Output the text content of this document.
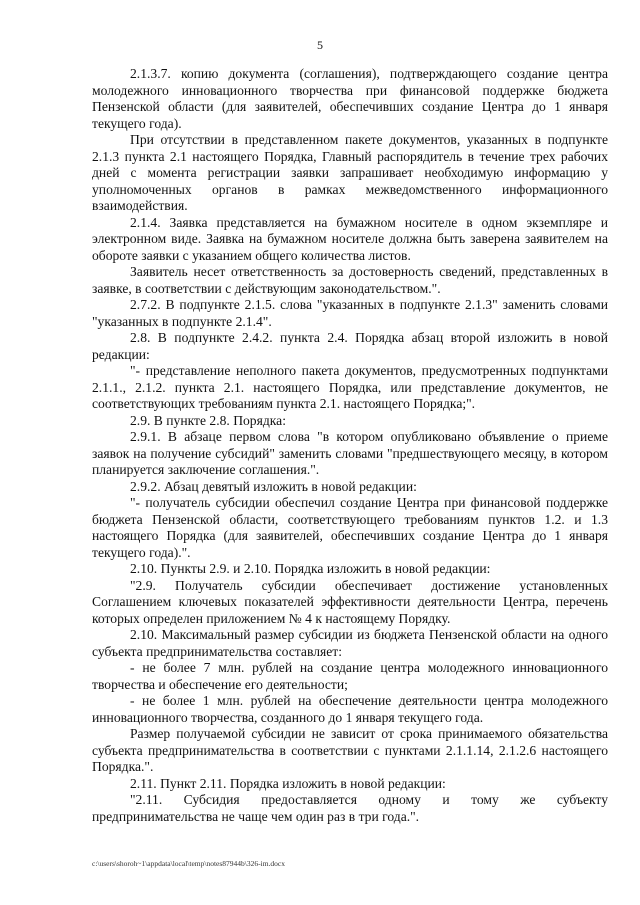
5

2.1.3.7. копию документа (соглашения), подтверждающего создание центра молодежного инновационного творчества при финансовой поддержке бюджета Пензенской области (для заявителей, обеспечивших создание Центра до 1 января текущего года).

При отсутствии в представленном пакете документов, указанных в подпункте 2.1.3 пункта 2.1 настоящего Порядка, Главный распорядитель в течение трех рабочих дней с момента регистрации заявки запрашивает необходимую информацию у уполномоченных органов в рамках межведомственного информационного взаимодействия.

2.1.4. Заявка представляется на бумажном носителе в одном экземпляре и электронном виде. Заявка на бумажном носителе должна быть заверена заявителем на обороте заявки с указанием общего количества листов.

Заявитель несет ответственность за достоверность сведений, представленных в заявке, в соответствии с действующим законодательством.".

2.7.2. В подпункте 2.1.5. слова "указанных в подпункте 2.1.3" заменить словами "указанных в подпункте 2.1.4".

2.8. В подпункте 2.4.2. пункта 2.4. Порядка абзац второй изложить в новой редакции:

"- представление неполного пакета документов, предусмотренных подпунктами 2.1.1., 2.1.2. пункта 2.1. настоящего Порядка, или представление документов, не соответствующих требованиям пункта 2.1. настоящего Порядка;".

2.9. В пункте 2.8. Порядка:

2.9.1. В абзаце первом слова "в котором опубликовано объявление о приеме заявок на получение субсидий" заменить словами "предшествующего месяцу, в котором планируется заключение соглашения.".

2.9.2. Абзац девятый изложить в новой редакции:

"- получатель субсидии обеспечил создание Центра при финансовой поддержке бюджета Пензенской области, соответствующего требованиям пунктов 1.2. и 1.3 настоящего Порядка (для заявителей, обеспечивших создание Центра до 1 января текущего года).".

2.10. Пункты 2.9. и 2.10. Порядка изложить в новой редакции:

"2.9. Получатель субсидии обеспечивает достижение установленных Соглашением ключевых показателей эффективности деятельности Центра, перечень которых определен приложением № 4 к настоящему Порядку.

2.10. Максимальный размер субсидии из бюджета Пензенской области на одного субъекта предпринимательства составляет:

- не более 7 млн. рублей на создание центра молодежного инновационного творчества и обеспечение его деятельности;

- не более 1 млн. рублей на обеспечение деятельности центра молодежного инновационного творчества, созданного до 1 января текущего года.

Размер получаемой субсидии не зависит от срока принимаемого обязательства субъекта предпринимательства в соответствии с пунктами 2.1.1.14, 2.1.2.6 настоящего Порядка.".

2.11. Пункт 2.11. Порядка изложить в новой редакции:

"2.11. Субсидия предоставляется одному и тому же субъекту предпринимательства не чаще чем один раз в три года.".

c:\users\shoroh~1\appdata\local\temp\notes87944b\326-im.docx
